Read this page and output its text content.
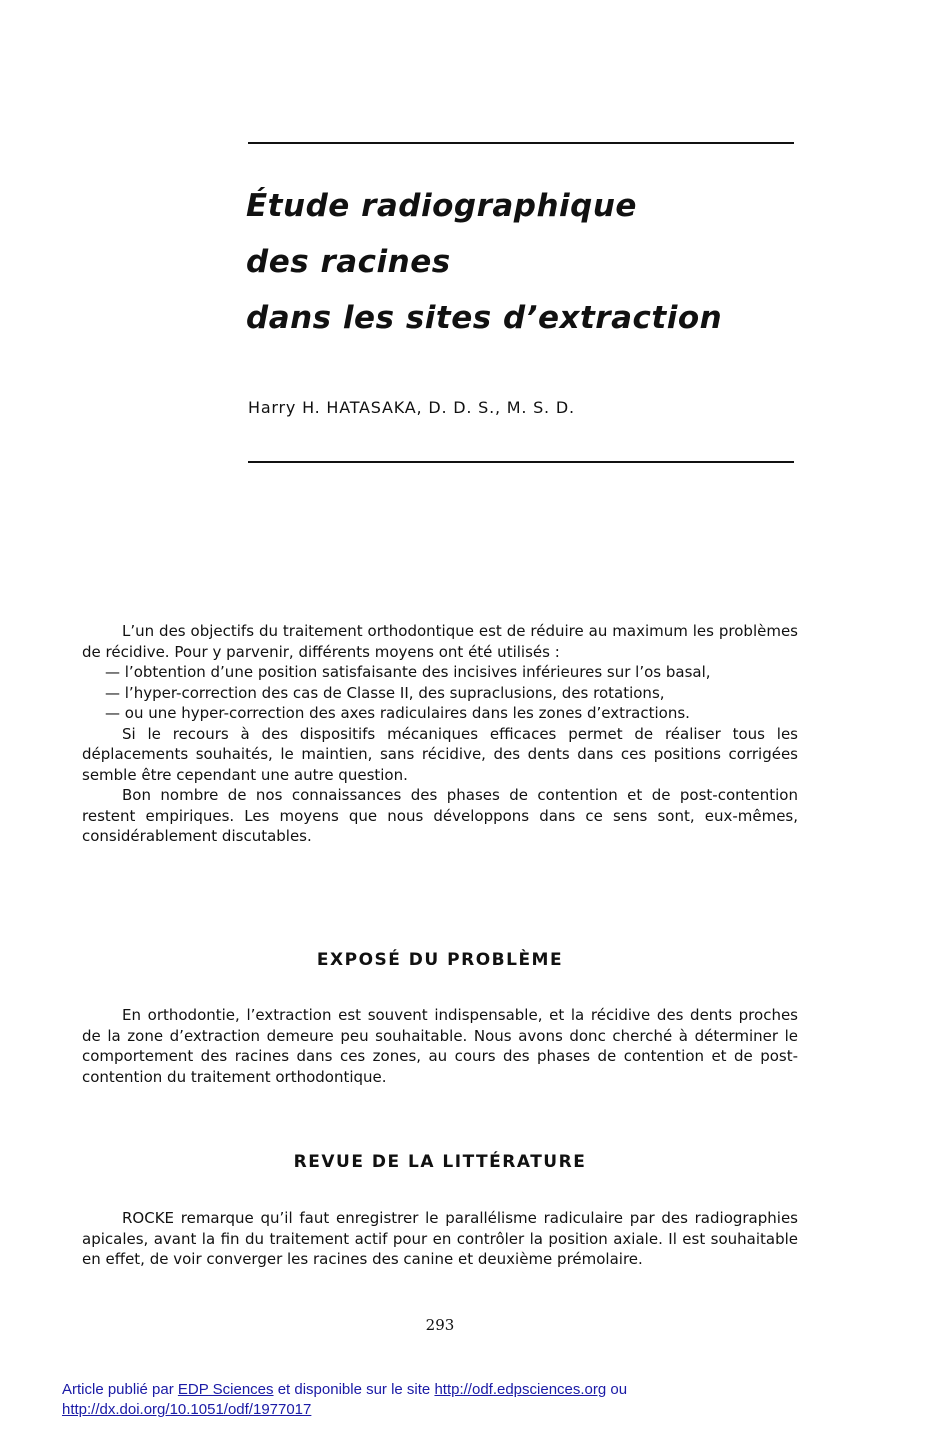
Étude radiographique
des racines
dans les sites d’extraction
Harry H. HATASAKA, D. D. S., M. S. D.

L’un des objectifs du traitement orthodontique est de réduire au maximum les problèmes de récidive. Pour y parvenir, différents moyens ont été utilisés :

— l’obtention d’une position satisfaisante des incisives inférieures sur l’os basal,

— l’hyper-correction des cas de Classe II, des supraclusions, des rotations,

— ou une hyper-correction des axes radiculaires dans les zones d’extractions.

Si le recours à des dispositifs mécaniques efficaces permet de réaliser tous les déplacements souhaités, le maintien, sans récidive, des dents dans ces positions corrigées semble être cependant une autre question.

Bon nombre de nos connaissances des phases de contention et de post-contention restent empiriques. Les moyens que nous développons dans ce sens sont, eux-mêmes, considérablement discutables.

EXPOSÉ DU PROBLÈME

En orthodontie, l’extraction est souvent indispensable, et la récidive des dents proches de la zone d’extraction demeure peu souhaitable. Nous avons donc cherché à déterminer le comportement des racines dans ces zones, au cours des phases de contention et de post-contention du traitement orthodontique.

REVUE DE LA LITTÉRATURE

ROCKE remarque qu’il faut enregistrer le parallélisme radiculaire par des radiographies apicales, avant la fin du traitement actif pour en contrôler la position axiale. Il est souhaitable en effet, de voir converger les racines des canine et deuxième prémolaire.

293
Article publié par EDP Sciences et disponible sur le site http://odf.edpsciences.org ou
http://dx.doi.org/10.1051/odf/1977017
